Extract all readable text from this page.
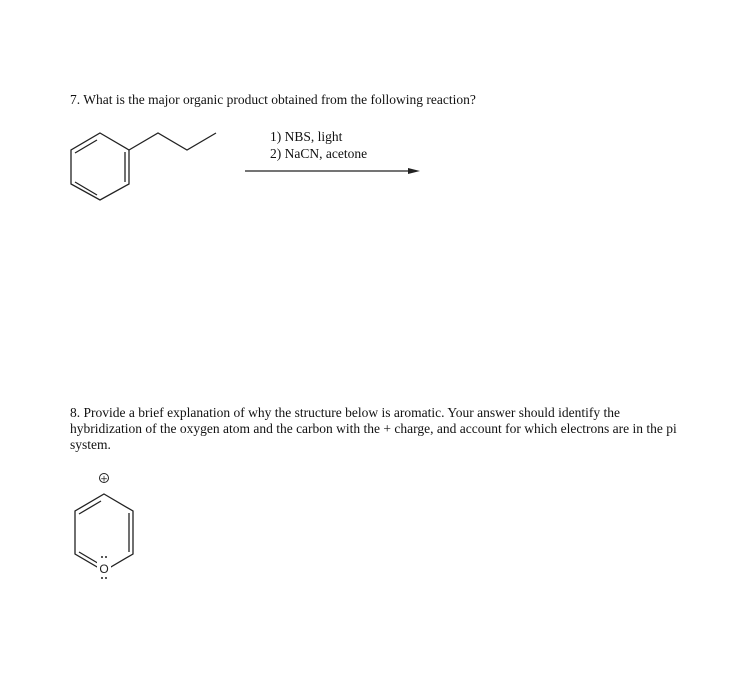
7. What is the major organic product obtained from the following reaction?
1) NBS, light
2) NaCN, acetone
+
O
8. Provide a brief explanation of why the structure below is aromatic. Your answer should identify the hybridization of the oxygen atom and the carbon with the + charge, and account for which electrons are in the pi system.
